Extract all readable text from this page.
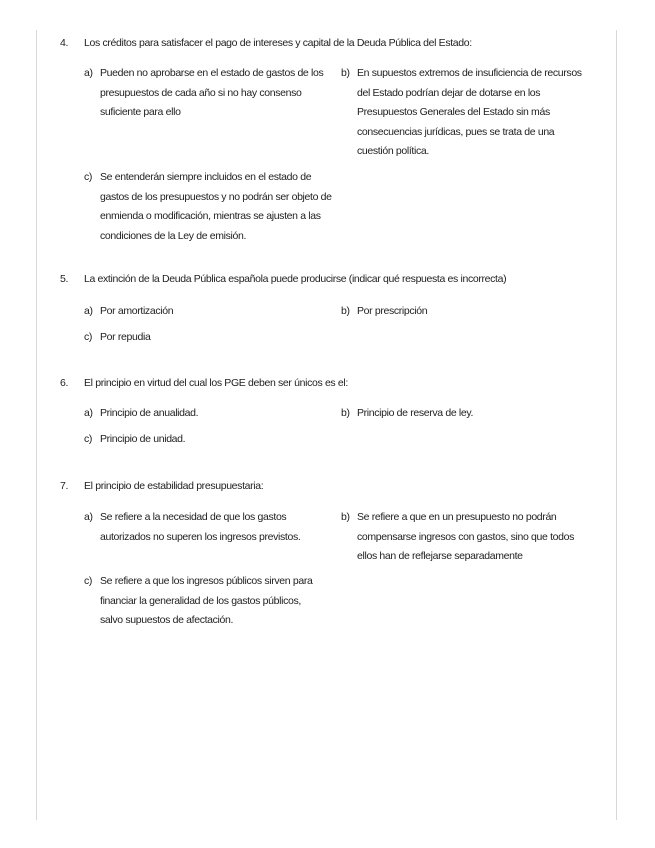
4.	Los créditos para satisfacer el pago de intereses y capital de la Deuda Pública del Estado:
a) Pueden no aprobarse en el estado de gastos de los presupuestos de cada año si no hay consenso suficiente para ello
b) En supuestos extremos de insuficiencia de recursos del Estado podrían dejar de dotarse en los Presupuestos Generales del Estado sin más consecuencias jurídicas, pues se trata de una cuestión política.
c) Se entenderán siempre incluidos en el estado de gastos de los presupuestos y no podrán ser objeto de enmienda o modificación, mientras se ajusten a las condiciones de la Ley de emisión.
5.	La extinción de la Deuda Pública española puede producirse (indicar qué respuesta es incorrecta)
a) Por amortización	b) Por prescripción
c) Por repudia
6.	El principio en virtud del cual los PGE deben ser únicos es el:
a) Principio de anualidad.	b) Principio de reserva de ley.
c) Principio de unidad.
7.	El principio de estabilidad presupuestaria:
a) Se refiere a la necesidad de que los gastos autorizados no superen los ingresos previstos.
b) Se refiere a que en un presupuesto no podrán compensarse ingresos con gastos, sino que todos ellos han de reflejarse separadamente
c) Se refiere a que los ingresos públicos sirven para financiar la generalidad de los gastos públicos, salvo supuestos de afectación.
